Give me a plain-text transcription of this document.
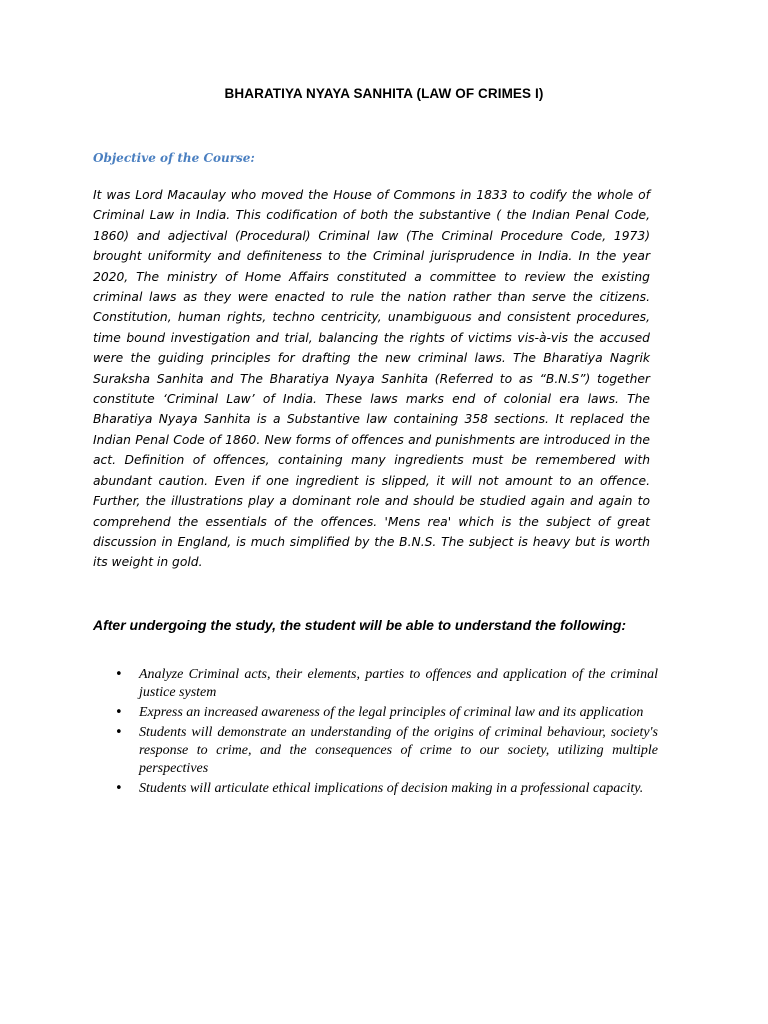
BHARATIYA NYAYA SANHITA (LAW OF CRIMES I)
Objective of the Course:

It was Lord Macaulay who moved the House of Commons in 1833 to codify the whole of Criminal Law in India. This codification of both the substantive ( the Indian Penal Code, 1860) and adjectival (Procedural) Criminal law (The Criminal Procedure Code, 1973) brought uniformity and definiteness to the Criminal jurisprudence in India. In the year 2020, The ministry of Home Affairs constituted a committee to review the existing criminal laws as they were enacted to rule the nation rather than serve the citizens. Constitution, human rights, techno centricity, unambiguous and consistent procedures, time bound investigation and trial, balancing the rights of victims vis-à-vis the accused were the guiding principles for drafting the new criminal laws. The Bharatiya Nagrik Suraksha Sanhita and The Bharatiya Nyaya Sanhita (Referred to as “B.N.S”) together constitute ‘Criminal Law’ of India. These laws marks end of colonial era laws. The Bharatiya Nyaya Sanhita is a Substantive law containing 358 sections. It replaced the Indian Penal Code of 1860. New forms of offences and punishments are introduced in the act. Definition of offences, containing many ingredients must be remembered with abundant caution. Even if one ingredient is slipped, it will not amount to an offence. Further, the illustrations play a dominant role and should be studied again and again to comprehend the essentials of the offences. 'Mens rea' which is the subject of great discussion in England, is much simplified by the B.N.S. The subject is heavy but is worth its weight in gold.

After undergoing the study, the student will be able to understand the following:
• Analyze Criminal acts, their elements, parties to offences and application of the criminal justice system
• Express an increased awareness of the legal principles of criminal law and its application
• Students will demonstrate an understanding of the origins of criminal behaviour, society's response to crime, and the consequences of crime to our society, utilizing multiple perspectives
• Students will articulate ethical implications of decision making in a professional capacity.
